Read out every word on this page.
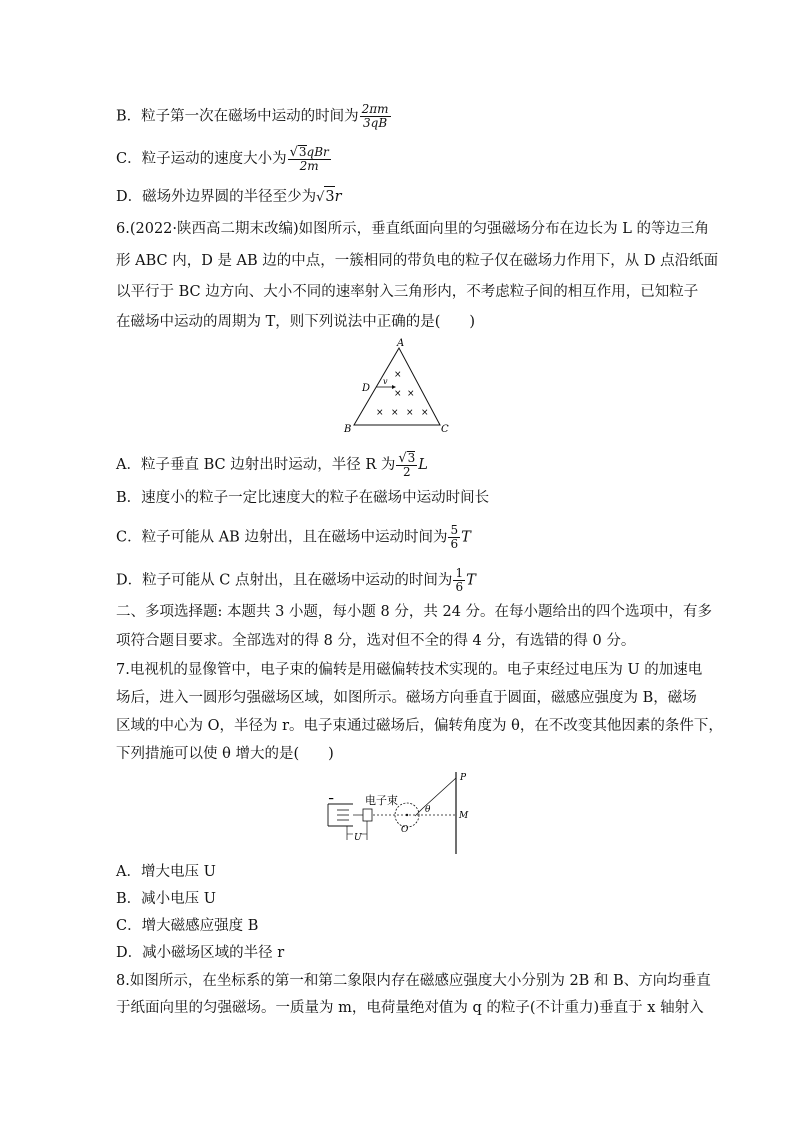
B．粒子第一次在磁场中运动的时间为 $\frac{2\pi m}{3qB}$
C．粒子运动的速度大小为 $\frac{\text{√3qBr}}{2m}$
D．磁场外边界圆的半径至少为√3r
6.(2022·陕西高二期末改编)如图所示，垂直纸面向里的匀强磁场分布在边长为 L 的等边三角
形 ABC 内，D 是 AB 边的中点，一簇相同的带负电的粒子仅在磁场力作用下，从 D 点沿纸面
以平行于 BC 边方向、大小不同的速率射入三角形内，不考虑粒子间的相互作用，已知粒子
在磁场中运动的周期为 T，则下列说法中正确的是(　　)
A
B	C
D
v
×
× ×
× × × ×
A．粒子垂直 BC 边射出时运动，半径 R 为 $\frac{√3}{2}$ L
B．速度小的粒子一定比速度大的粒子在磁场中运动时间长
C．粒子可能从 AB 边射出，且在磁场中运动时间为 $\frac{5}{6}$ T
D．粒子可能从 C 点射出，且在磁场中运动的时间为 $\frac{1}{6}$ T
二、多项选择题: 本题共 3 小题，每小题 8 分，共 24 分。在每小题给出的四个选项中，有多
项符合题目要求。全部选对的得 8 分，选对但不全的得 4 分，有选错的得 0 分。
7.电视机的显像管中，电子束的偏转是用磁偏转技术实现的。电子束经过电压为 U 的加速电
场后，进入一圆形匀强磁场区域，如图所示。磁场方向垂直于圆面，磁感应强度为 B，磁场
区域的中心为 O，半径为 r。电子束通过磁场后，偏转角度为 θ，在不改变其他因素的条件下，
下列措施可以使 θ 增大的是(　　)
━
U
电子束
θ
P
M
O
A．增大电压 U
B．减小电压 U
C．增大磁感应强度 B
D．减小磁场区域的半径 r
8.如图所示，在坐标系的第一和第二象限内存在磁感应强度大小分别为 2B 和 B、方向均垂直
于纸面向里的匀强磁场。一质量为 m，电荷量绝对值为 q 的粒子(不计重力)垂直于 x 轴射入
